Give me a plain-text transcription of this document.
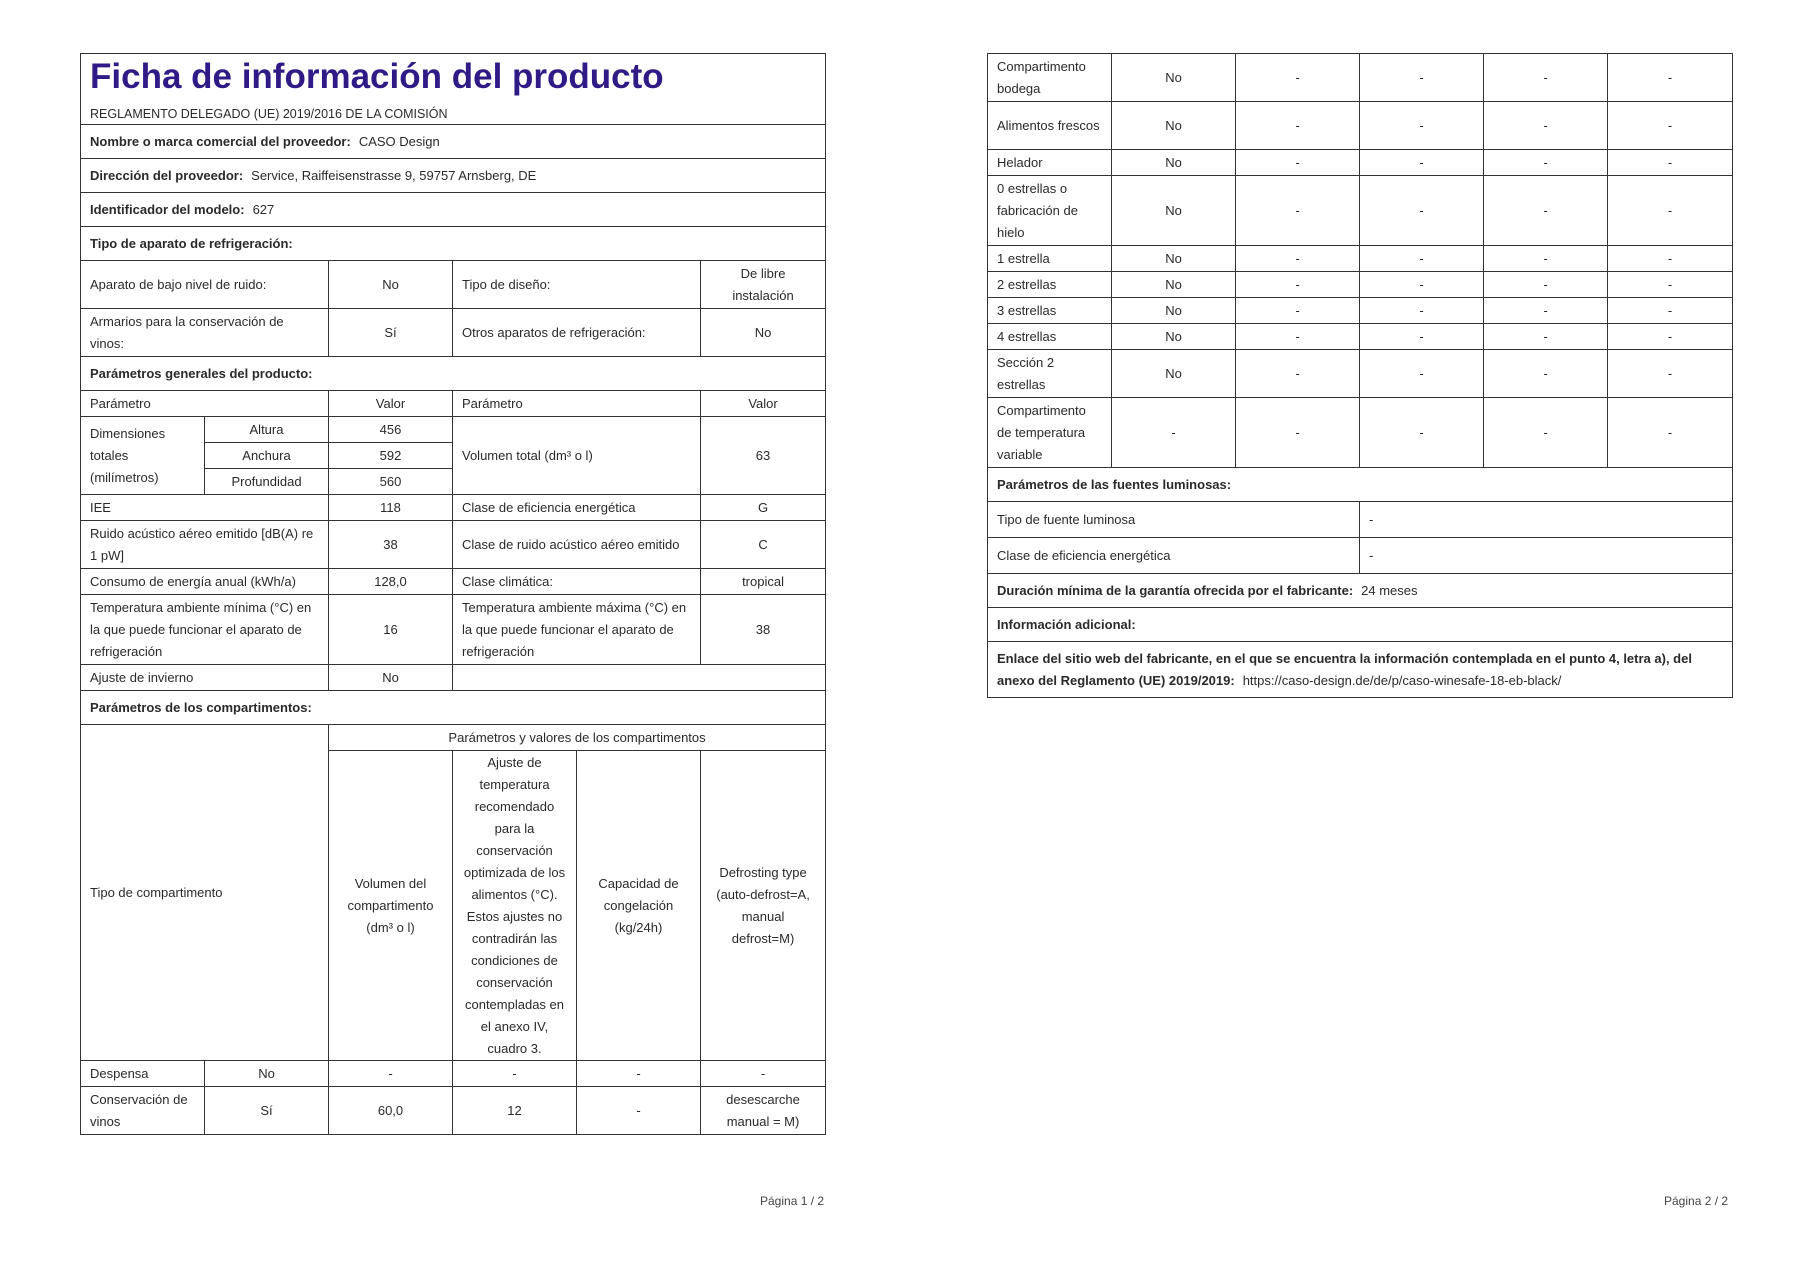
Ficha de información del producto
REGLAMENTO DELEGADO (UE) 2019/2016 DE LA COMISIÓN					

Nombre o marca comercial del proveedor: CASO Design					
Dirección del proveedor: Service, Raiffeisenstrasse 9, 59757 Arnsberg, DE					
Identificador del modelo: 627					
Tipo de aparato de refrigeración:					
Aparato de bajo nivel de ruido:		No	Tipo de diseño:		De libre instalación
Armarios para la conservación de vinos:		Sí	Otros aparatos de refrigeración:		No
Parámetros generales del producto:					
Parámetro		Valor	Parámetro		Valor
Dimensiones totales (milímetros)	Altura	456	Volumen total (dm³ o l)		63
	Anchura	592			
	Profundidad	560			
IEE		118	Clase de eficiencia energética		G
Ruido acústico aéreo emitido [dB(A) re 1 pW]		38	Clase de ruido acústico aéreo emitido		C
Consumo de energía anual (kWh/a)		128,0	Clase climática:		tropical
Temperatura ambiente mínima (°C) en la que puede funcionar el aparato de refrigeración		16	Temperatura ambiente máxima (°C) en la que puede funcionar el aparato de refrigeración		38
Ajuste de invierno		No			
Parámetros de los compartimentos:					
Tipo de compartimento		Parámetros y valores de los compartimentos			
		Volumen del compartimento (dm³ o l)	Ajuste de temperatura recomendado para la conservación optimizada de los alimentos (°C). Estos ajustes no contradirán las condiciones de conservación contempladas en el anexo IV, cuadro 3.	Capacidad de congelación (kg/24h)	Defrosting type (auto-defrost=A, manual defrost=M)
Despensa	No	-	-	-	-
Conservación de vinos	Sí	60,0	12	-	desescarche manual = M)
Página 1 / 2
Compartimento bodega	No	-	-	-	-
Alimentos frescos	No	-	-	-	-
Helador	No	-	-	-	-
0 estrellas o fabricación de hielo	No	-	-	-	-
1 estrella	No	-	-	-	-
2 estrellas	No	-	-	-	-
3 estrellas	No	-	-	-	-
4 estrellas	No	-	-	-	-
Sección 2 estrellas	No	-	-	-	-
Compartimento de temperatura variable	-	-	-	-	-
Parámetros de las fuentes luminosas:					
Tipo de fuente luminosa			-		
Clase de eficiencia energética			-		
Duración mínima de la garantía ofrecida por el fabricante: 24 meses					
Información adicional:					
Enlace del sitio web del fabricante, en el que se encuentra la información contemplada en el punto 4, letra a), del anexo del Reglamento (UE) 2019/2019: https://caso-design.de/de/p/caso-winesafe-18-eb-black/					
Página 2 / 2
